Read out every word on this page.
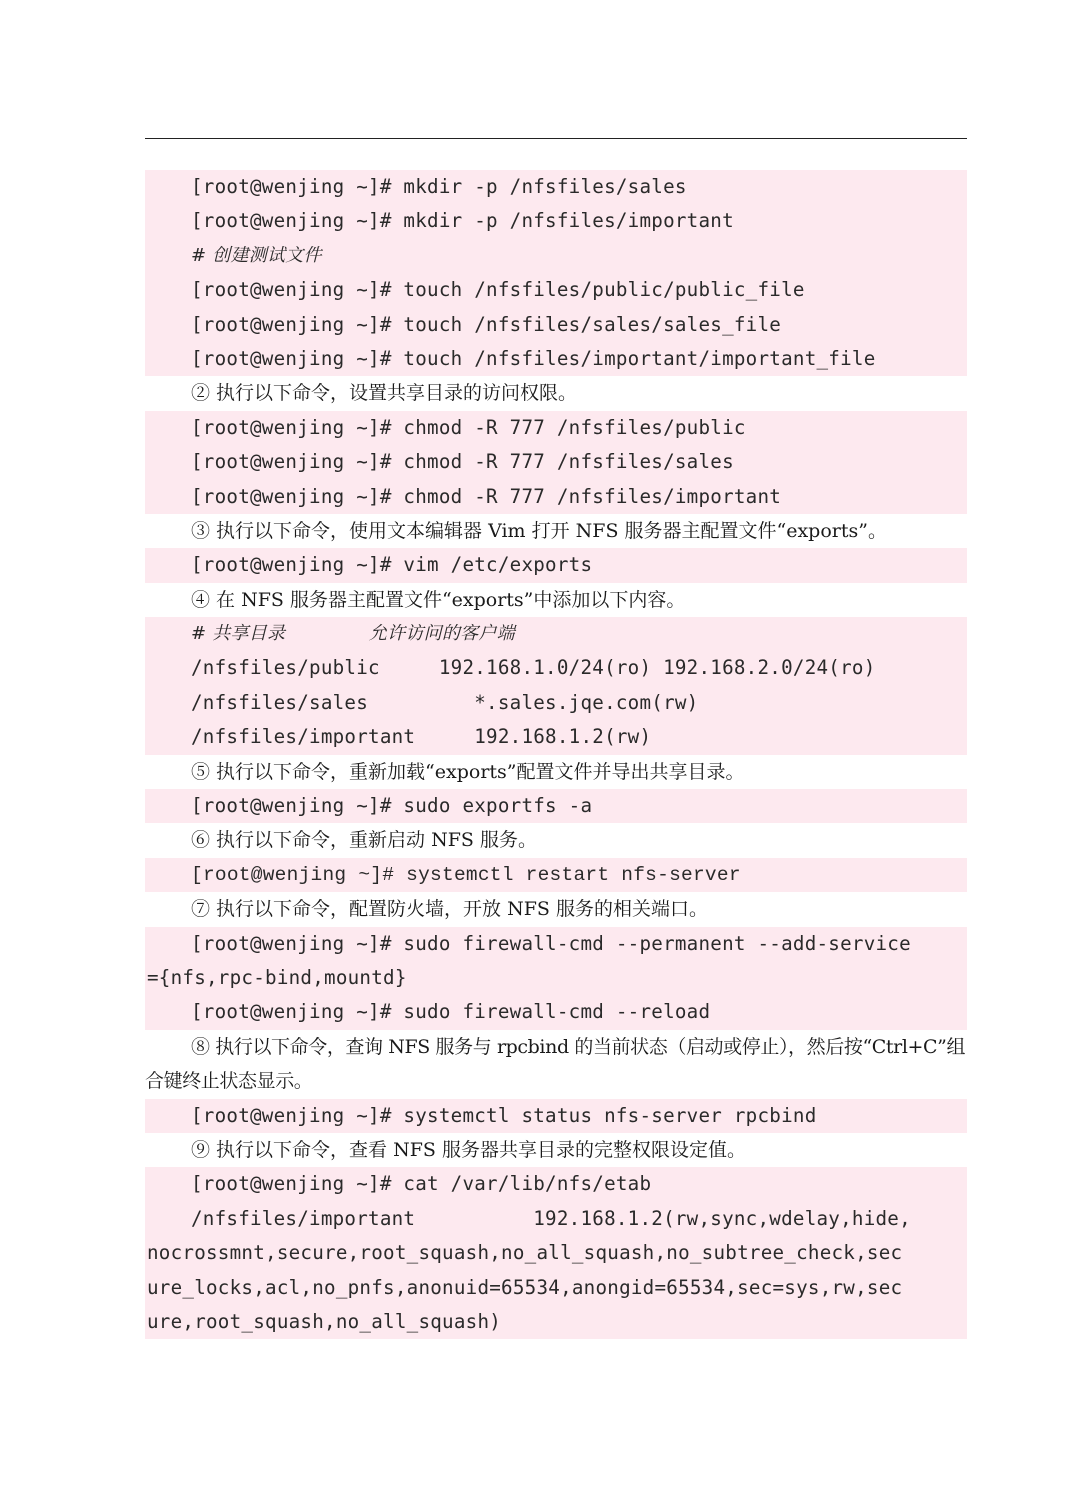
[root@wenjing ~]# mkdir -p /nfsfiles/sales
[root@wenjing ~]# mkdir -p /nfsfiles/important
# 创建测试文件
[root@wenjing ~]# touch /nfsfiles/public/public_file
[root@wenjing ~]# touch /nfsfiles/sales/sales_file
[root@wenjing ~]# touch /nfsfiles/important/important_file
② 执行以下命令，设置共享目录的访问权限。
[root@wenjing ~]# chmod -R 777 /nfsfiles/public
[root@wenjing ~]# chmod -R 777 /nfsfiles/sales
[root@wenjing ~]# chmod -R 777 /nfsfiles/important
③ 执行以下命令，使用文本编辑器 Vim 打开 NFS 服务器主配置文件“exports”。
[root@wenjing ~]# vim /etc/exports
④ 在 NFS 服务器主配置文件“exports”中添加以下内容。
# 共享目录              允许访问的客户端
/nfsfiles/public     192.168.1.0/24(ro) 192.168.2.0/24(ro)
/nfsfiles/sales         *.sales.jqe.com(rw)
/nfsfiles/important     192.168.1.2(rw)
⑤ 执行以下命令，重新加载“exports”配置文件并导出共享目录。
[root@wenjing ~]# sudo exportfs -a
⑥ 执行以下命令，重新启动 NFS 服务。
[root@wenjing ~]# systemctl restart nfs-server
⑦ 执行以下命令，配置防火墙，开放 NFS 服务的相关端口。
[root@wenjing ~]# sudo firewall-cmd --permanent --add-service
={nfs,rpc-bind,mountd}
[root@wenjing ~]# sudo firewall-cmd --reload
⑧ 执行以下命令，查询 NFS 服务与 rpcbind 的当前状态（启动或停止），然后按“Ctrl+C”组合键终止状态显示。
[root@wenjing ~]# systemctl status nfs-server rpcbind
⑨ 执行以下命令，查看 NFS 服务器共享目录的完整权限设定值。
[root@wenjing ~]# cat /var/lib/nfs/etab
/nfsfiles/important          192.168.1.2(rw,sync,wdelay,hide,
nocrossmnt,secure,root_squash,no_all_squash,no_subtree_check,sec
ure_locks,acl,no_pnfs,anonuid=65534,anongid=65534,sec=sys,rw,sec
ure,root_squash,no_all_squash)
